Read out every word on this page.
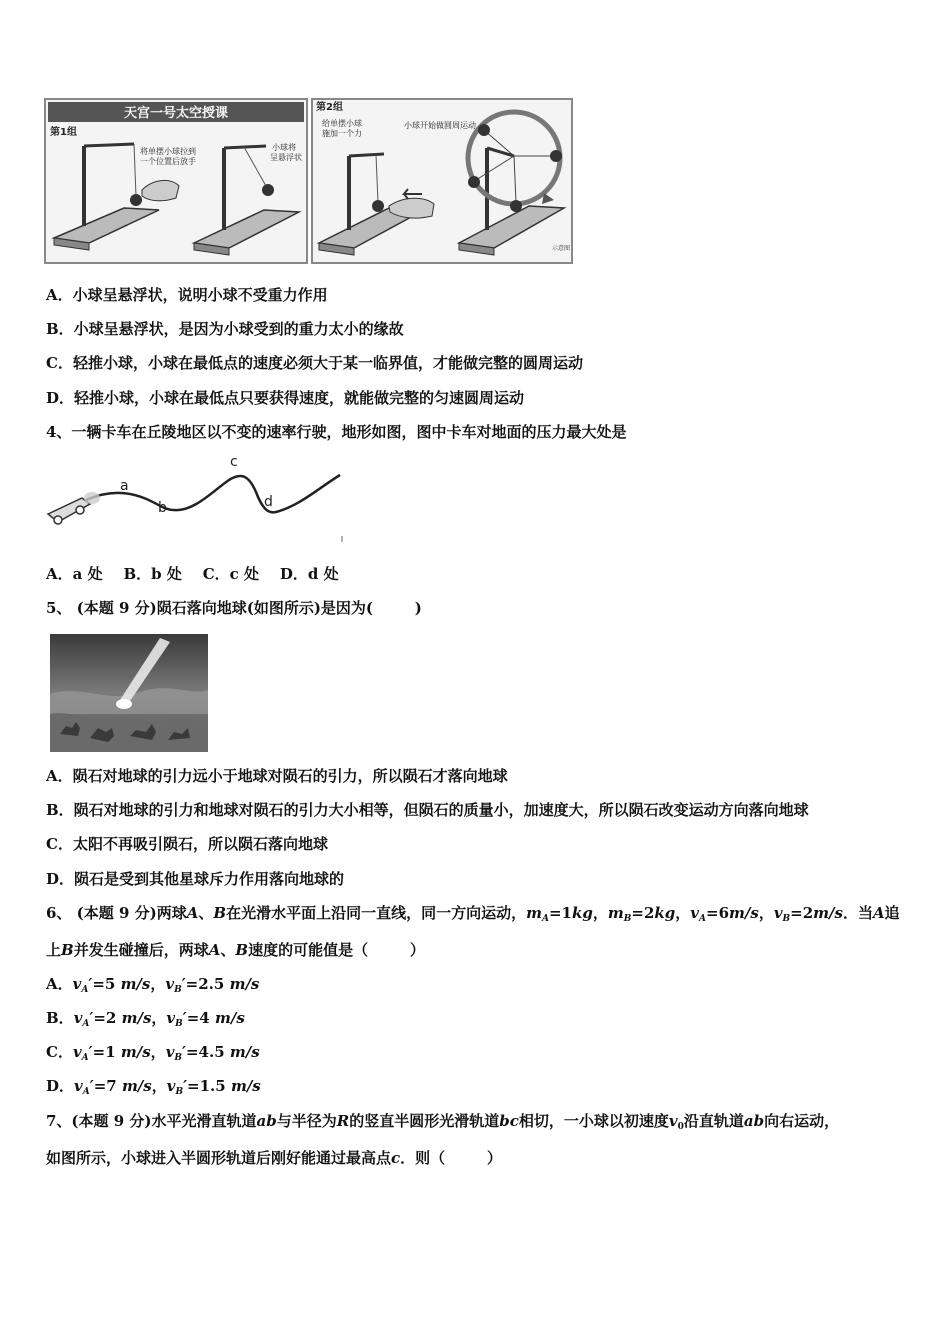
天宫一号太空授课
第1组
将单摆小球拉到
一个位置后放手
小球将
呈悬浮状
第2组
给单摆小球
施加一个力
小球开始做圆周运动
示意图
A．小球呈悬浮状，说明小球不受重力作用
B．小球呈悬浮状，是因为小球受到的重力太小的缘故
C．轻推小球，小球在最低点的速度必须大于某一临界值，才能做完整的圆周运动
D．轻推小球，小球在最低点只要获得速度，就能做完整的匀速圆周运动
4、一辆卡车在丘陵地区以不变的速率行驶，地形如图，图中卡车对地面的压力最大处是
a
b
c
d
A．a 处    B．b 处    C．c 处    D．d 处
5、 (本题 9 分)陨石落向地球(如图所示)是因为(        )
A．陨石对地球的引力远小于地球对陨石的引力，所以陨石才落向地球
B．陨石对地球的引力和地球对陨石的引力大小相等，但陨石的质量小，加速度大，所以陨石改变运动方向落向地球
C．太阳不再吸引陨石，所以陨石落向地球
D．陨石是受到其他星球斥力作用落向地球的
6、 (本题 9 分)两球A、B在光滑水平面上沿同一直线，同一方向运动，$m_A=1kg$，$m_B=2kg$，$v_A=6m/s$，$v_B=2m/s$．当A追
上B并发生碰撞后，两球A、B速度的可能值是（        ）
A．$v_A'=5$ m/s，$v_B'=2.5$ m/s
B．$v_A'=2$ m/s，$v_B'=4$ m/s
C．$v_A'=1$ m/s，$v_B'=4.5$ m/s
D．$v_A'=7$ m/s，$v_B'=1.5$ m/s
7、(本题 9 分)水平光滑直轨道ab与半径为R的竖直半圆形光滑轨道bc相切，一小球以初速度$v_0$沿直轨道ab向右运动，
如图所示，小球进入半圆形轨道后刚好能通过最高点c．则（        ）
